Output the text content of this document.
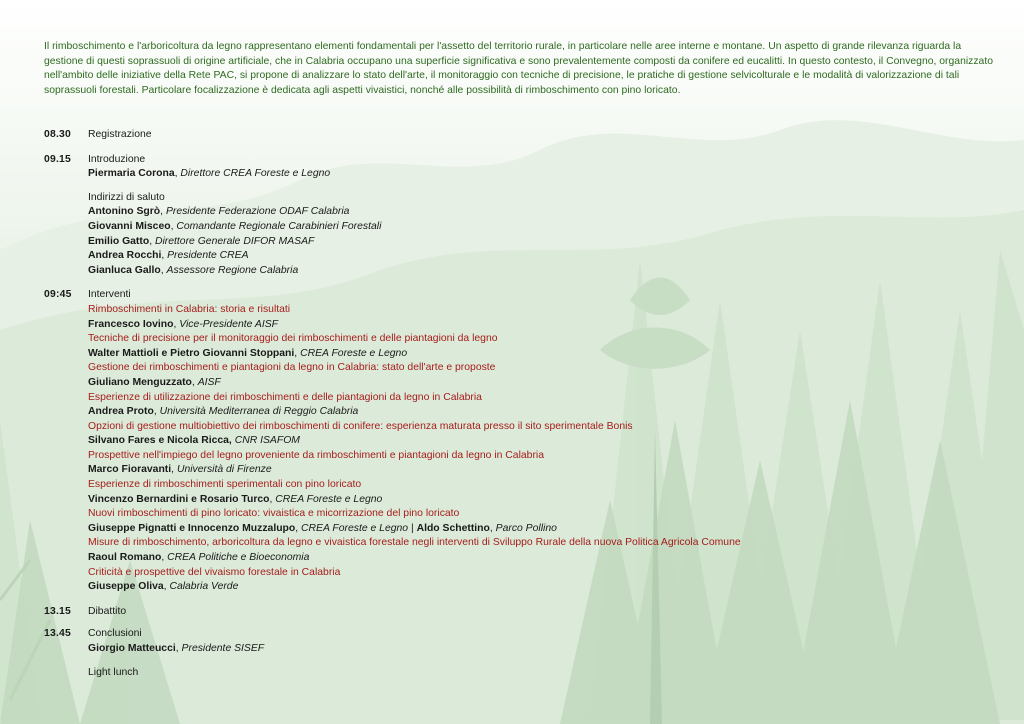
Il rimboschimento e l'arboricoltura da legno rappresentano elementi fondamentali per l'assetto del territorio rurale, in particolare nelle aree interne e montane. Un aspetto di grande rilevanza riguarda la gestione di questi soprassuoli di origine artificiale, che in Calabria occupano una superficie significativa e sono prevalentemente composti da conifere ed eucalitti. In questo contesto, il Convegno, organizzato nell'ambito delle iniziative della Rete PAC, si propone di analizzare lo stato dell'arte, il monitoraggio con tecniche di precisione, le pratiche di gestione selvicolturale e le modalità di valorizzazione di tali soprassuoli forestali. Particolare focalizzazione è dedicata agli aspetti vivaistici, nonché alle possibilità di rimboschimento con pino loricato.

08.30	Registrazione
09.15	Introduzione
Piermaria Corona, Direttore CREA Foreste e Legno
Indirizzi di saluto
Antonino Sgrò, Presidente Federazione ODAF Calabria
Giovanni Misceo, Comandante Regionale Carabinieri Forestali
Emilio Gatto, Direttore Generale DIFOR MASAF
Andrea Rocchi, Presidente CREA
Gianluca Gallo, Assessore Regione Calabria
09:45	Interventi
Rimboschimenti in Calabria: storia e risultati
Francesco Iovino, Vice-Presidente AISF
Tecniche di precisione per il monitoraggio dei rimboschimenti e delle piantagioni da legno
Walter Mattioli e Pietro Giovanni Stoppani, CREA Foreste e Legno
Gestione dei rimboschimenti e piantagioni da legno in Calabria: stato dell'arte e proposte
Giuliano Menguzzato, AISF
Esperienze di utilizzazione dei rimboschimenti e delle piantagioni da legno in Calabria
Andrea Proto, Università Mediterranea di Reggio Calabria
Opzioni di gestione multiobiettivo dei rimboschimenti di conifere: esperienza maturata presso il sito sperimentale Bonis
Silvano Fares e Nicola Ricca, CNR ISAFOM
Prospettive nell'impiego del legno proveniente da rimboschimenti e piantagioni da legno in Calabria
Marco Fioravanti, Università di Firenze
Esperienze di rimboschimenti sperimentali con pino loricato
Vincenzo Bernardini e Rosario Turco, CREA Foreste e Legno
Nuovi rimboschimenti di pino loricato: vivaistica e micorrizazione del pino loricato
Giuseppe Pignatti e Innocenzo Muzzalupo, CREA Foreste e Legno | Aldo Schettino, Parco Pollino
Misure di rimboschimento, arboricoltura da legno e vivaistica forestale negli interventi di Sviluppo Rurale della nuova Politica Agricola Comune
Raoul Romano, CREA Politiche e Bioeconomia
Criticità e prospettive del vivaismo forestale in Calabria
Giuseppe Oliva, Calabria Verde
13.15	Dibattito
13.45	Conclusioni
Giorgio Matteucci, Presidente SISEF
Light lunch
